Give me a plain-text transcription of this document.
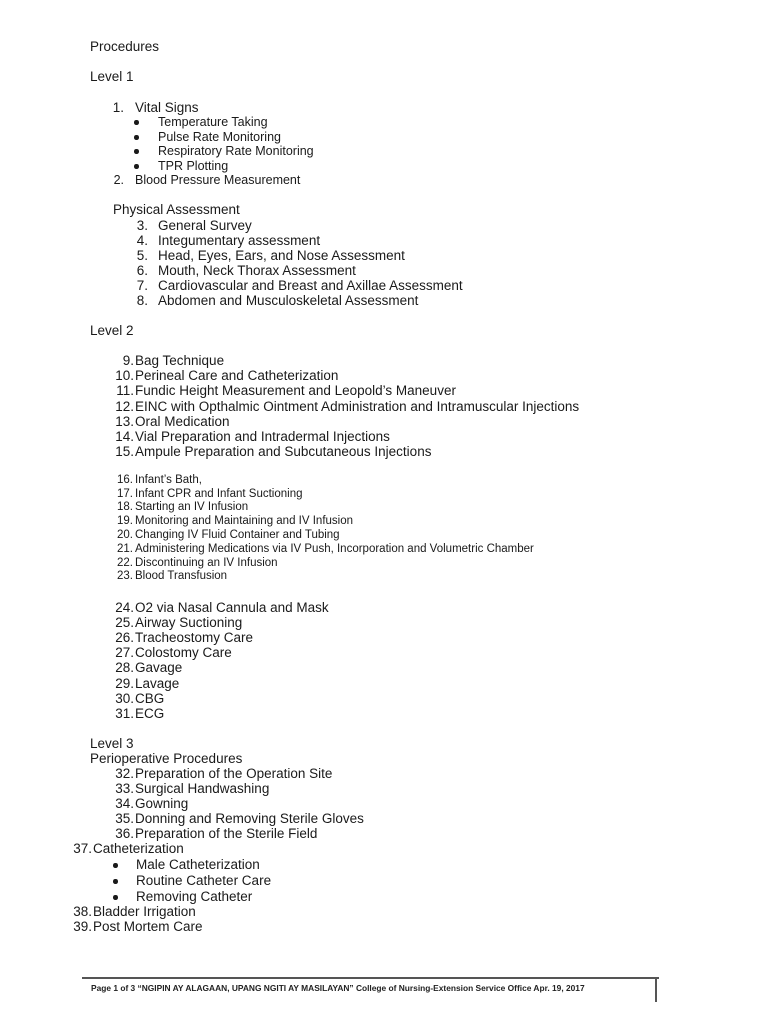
Procedures
Level 1
1. Vital Signs
Temperature Taking
Pulse Rate Monitoring
Respiratory Rate Monitoring
TPR Plotting
2. Blood Pressure Measurement
Physical Assessment
3. General Survey
4. Integumentary assessment
5. Head, Eyes, Ears, and Nose Assessment
6. Mouth, Neck Thorax Assessment
7. Cardiovascular and Breast and Axillae Assessment
8. Abdomen and Musculoskeletal Assessment
Level 2
9. Bag Technique
10. Perineal Care and Catheterization
11. Fundic Height Measurement and Leopold’s Maneuver
12. EINC with Opthalmic Ointment Administration and Intramuscular Injections
13. Oral Medication
14. Vial Preparation and Intradermal Injections
15. Ampule Preparation and Subcutaneous Injections
16. Infant’s Bath,
17. Infant CPR and Infant Suctioning
18. Starting an IV Infusion
19. Monitoring and Maintaining and IV Infusion
20. Changing IV Fluid Container and Tubing
21. Administering Medications via IV Push, Incorporation and Volumetric Chamber
22. Discontinuing an IV Infusion
23. Blood Transfusion
24. O2 via Nasal Cannula and Mask
25. Airway Suctioning
26. Tracheostomy Care
27. Colostomy Care
28. Gavage
29. Lavage
30. CBG
31. ECG
Level 3
Perioperative Procedures
32. Preparation of the Operation Site
33. Surgical Handwashing
34. Gowning
35. Donning and Removing Sterile Gloves
36. Preparation of the Sterile Field
37. Catheterization
Male Catheterization
Routine Catheter Care
Removing Catheter
38. Bladder Irrigation
39. Post Mortem Care
Page 1 of 3 “NGIPIN AY ALAGAAN, UPANG NGITI AY MASILAYAN” College of Nursing-Extension Service Office Apr. 19, 2017
